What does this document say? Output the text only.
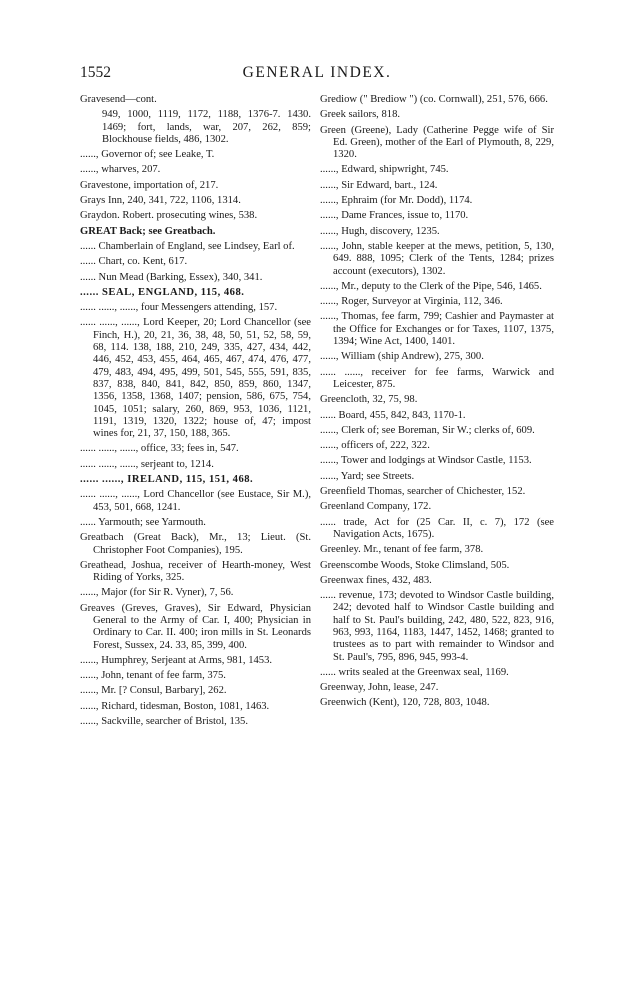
1552	GENERAL INDEX.

Gravesend—cont.

949, 1000, 1119, 1172, 1188, 1376-7. 1430. 1469; fort, lands, war, 207, 262, 859; Blockhouse fields, 486, 1302.

......, Governor of; see Leake, T.

......, wharves, 207.

Gravestone, importation of, 217.

Grays Inn, 240, 341, 722, 1106, 1314.

Graydon. Robert. prosecuting wines, 538.

GREAT Back; see Greatbach.

...... Chamberlain of England, see Lindsey, Earl of.

...... Chart, co. Kent, 617.

...... Nun Mead (Barking, Essex), 340, 341.

...... SEAL, ENGLAND, 115, 468.

...... ......, ......, four Messengers attending, 157.

...... ......, ......, Lord Keeper, 20; Lord Chancellor (see Finch, H.), 20, 21, 36, 38, 48, 50, 51, 52, 58, 59, 68, 114. 138, 188, 210, 249, 335, 427, 434, 442, 446, 452, 453, 455, 464, 465, 467, 474, 476, 477, 479, 483, 494, 495, 499, 501, 545, 555, 591, 835, 837, 838, 840, 841, 842, 850, 859, 860, 1347, 1356, 1358, 1368, 1407; pension, 586, 675, 754, 1045, 1051; salary, 260, 869, 953, 1036, 1121, 1191, 1319, 1320, 1322; house of, 47; impost wines for, 21, 37, 150, 188, 365.

...... ......, ......, office, 33; fees in, 547.

...... ......, ......, serjeant to, 1214.

...... ......, IRELAND, 115, 151, 468.

...... ......, ......, Lord Chancellor (see Eustace, Sir M.), 453, 501, 668, 1241.

...... Yarmouth; see Yarmouth.

Greatbach (Great Back), Mr., 13; Lieut. (St. Christopher Foot Companies), 195.

Greathead, Joshua, receiver of Hearth-money, West Riding of Yorks, 325.

......, Major (for Sir R. Vyner), 7, 56.

Greaves (Greves, Graves), Sir Edward, Physician General to the Army of Car. I, 400; Physician in Ordinary to Car. II. 400; iron mills in St. Leonards Forest, Sussex, 24. 33, 85, 399, 400.

......, Humphrey, Serjeant at Arms, 981, 1453.

......, John, tenant of fee farm, 375.

......, Mr. [? Consul, Barbary], 262.

......, Richard, tidesman, Boston, 1081, 1463.

......, Sackville, searcher of Bristol, 135.

Grediow (" Brediow ") (co. Cornwall), 251, 576, 666.

Greek sailors, 818.

Green (Greene), Lady (Catherine Pegge wife of Sir Ed. Green), mother of the Earl of Plymouth, 8, 229, 1320.

......, Edward, shipwright, 745.

......, Sir Edward, bart., 124.

......, Ephraim (for Mr. Dodd), 1174.

......, Dame Frances, issue to, 1170.

......, Hugh, discovery, 1235.

......, John, stable keeper at the mews, petition, 5, 130, 649. 888, 1095; Clerk of the Tents, 1284; prizes account (executors), 1302.

......, Mr., deputy to the Clerk of the Pipe, 546, 1465.

......, Roger, Surveyor at Virginia, 112, 346.

......, Thomas, fee farm, 799; Cashier and Paymaster at the Office for Exchanges or for Taxes, 1107, 1375, 1394; Wine Act, 1400, 1401.

......, William (ship Andrew), 275, 300.

...... ......, receiver for fee farms, Warwick and Leicester, 875.

Greencloth, 32, 75, 98.

...... Board, 455, 842, 843, 1170-1.

......, Clerk of; see Boreman, Sir W.; clerks of, 609.

......, officers of, 222, 322.

......, Tower and lodgings at Windsor Castle, 1153.

......, Yard; see Streets.

Greenfield Thomas, searcher of Chichester, 152.

Greenland Company, 172.

...... trade, Act for (25 Car. II, c. 7), 172 (see Navigation Acts, 1675).

Greenley. Mr., tenant of fee farm, 378.

Greenscombe Woods, Stoke Climsland, 505.

Greenwax fines, 432, 483.

...... revenue, 173; devoted to Windsor Castle building, 242; devoted half to Windsor Castle building and half to St. Paul's building, 242, 480, 522, 823, 916, 963, 993, 1164, 1183, 1447, 1452, 1468; granted to trustees as to part with remainder to Windsor and St. Paul's, 795, 896, 945, 993-4.

...... writs sealed at the Greenwax seal, 1169.

Greenway, John, lease, 247.

Greenwich (Kent), 120, 728, 803, 1048.
